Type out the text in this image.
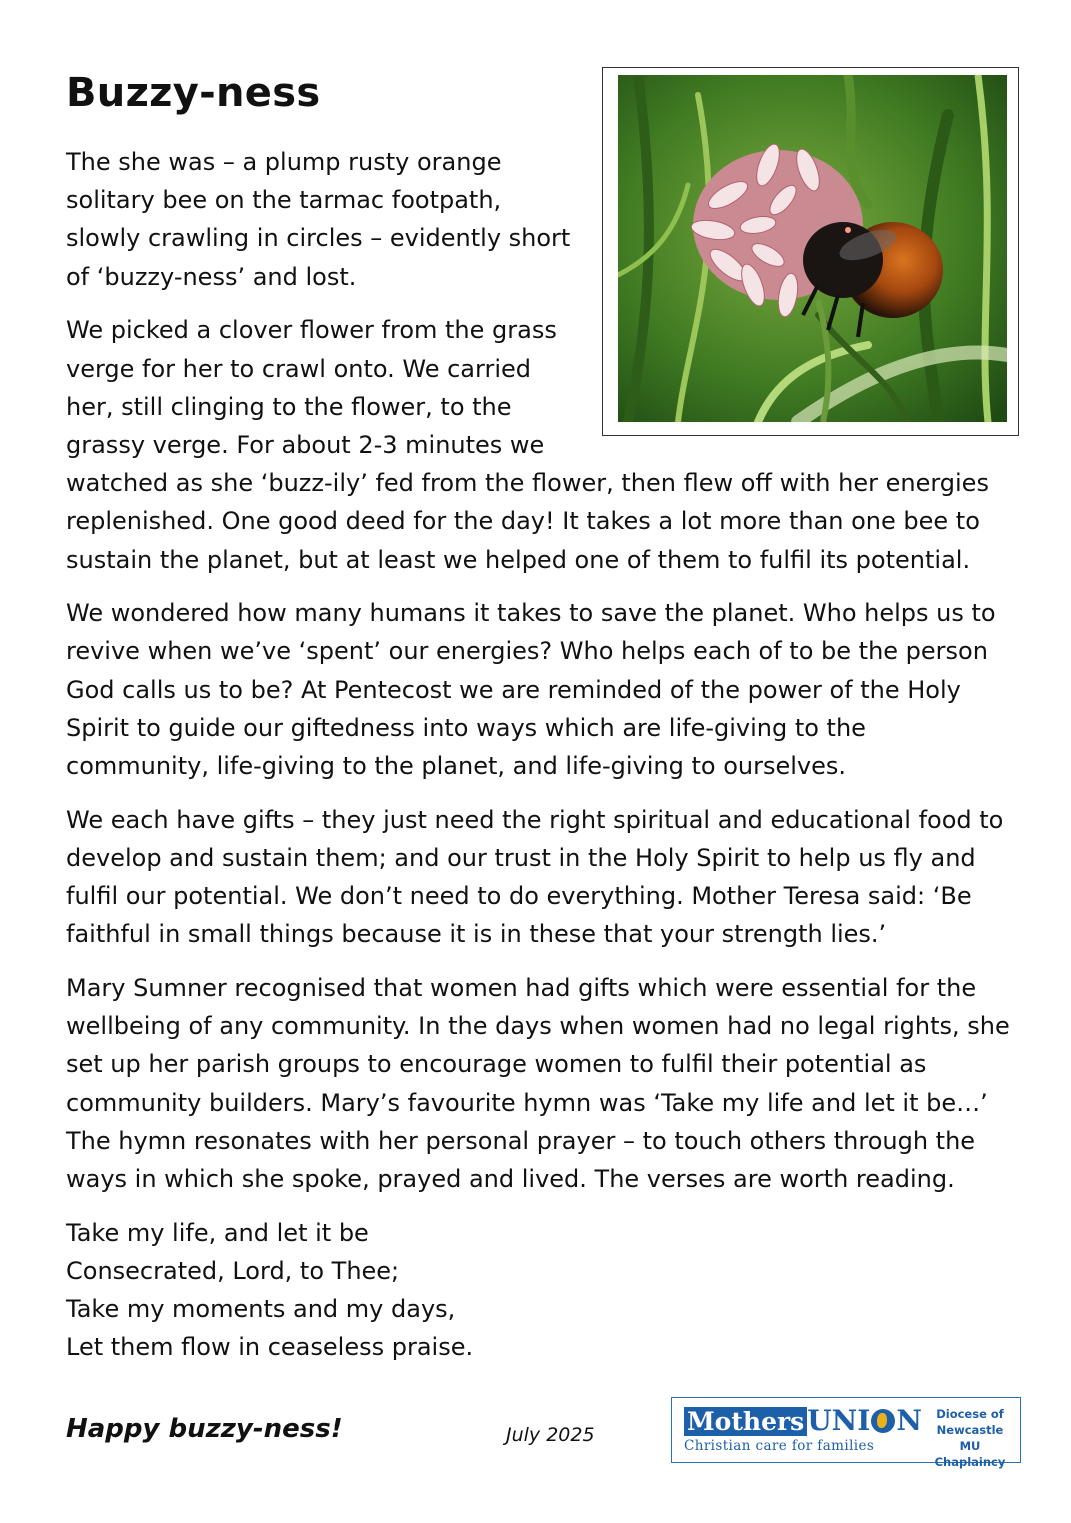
Buzzy-ness

The she was – a plump rusty orange solitary bee on the tarmac footpath, slowly crawling in circles – evidently short of ‘buzzy-ness’ and lost.

We picked a clover flower from the grass verge for her to crawl onto. We carried her, still clinging to the flower, to the grassy verge. For about 2-3 minutes we watched as she ‘buzz-ily’ fed from the flower, then flew off with her energies replenished. One good deed for the day! It takes a lot more than one bee to sustain the planet, but at least we helped one of them to fulfil its potential.

We wondered how many humans it takes to save the planet. Who helps us to revive when we’ve ‘spent’ our energies? Who helps each of to be the person God calls us to be? At Pentecost we are reminded of the power of the Holy Spirit to guide our giftedness into ways which are life-giving to the community, life-giving to the planet, and life-giving to ourselves.

We each have gifts – they just need the right spiritual and educational food to develop and sustain them; and our trust in the Holy Spirit to help us fly and fulfil our potential. We don’t need to do everything. Mother Teresa said: ‘Be faithful in small things because it is in these that your strength lies.’

Mary Sumner recognised that women had gifts which were essential for the wellbeing of any community. In the days when women had no legal rights, she set up her parish groups to encourage women to fulfil their potential as community builders. Mary’s favourite hymn was ‘Take my life and let it be…’ The hymn resonates with her personal prayer – to touch others through the ways in which she spoke, prayed and lived. The verses are worth reading.

Take my life, and let it be

Consecrated, Lord, to Thee;

Take my moments and my days,

Let them flow in ceaseless praise.

Happy buzzy-ness!	July 2025	Mothers UNI N
Christian care for families
Diocese of
Newcastle
MU Chaplaincy
